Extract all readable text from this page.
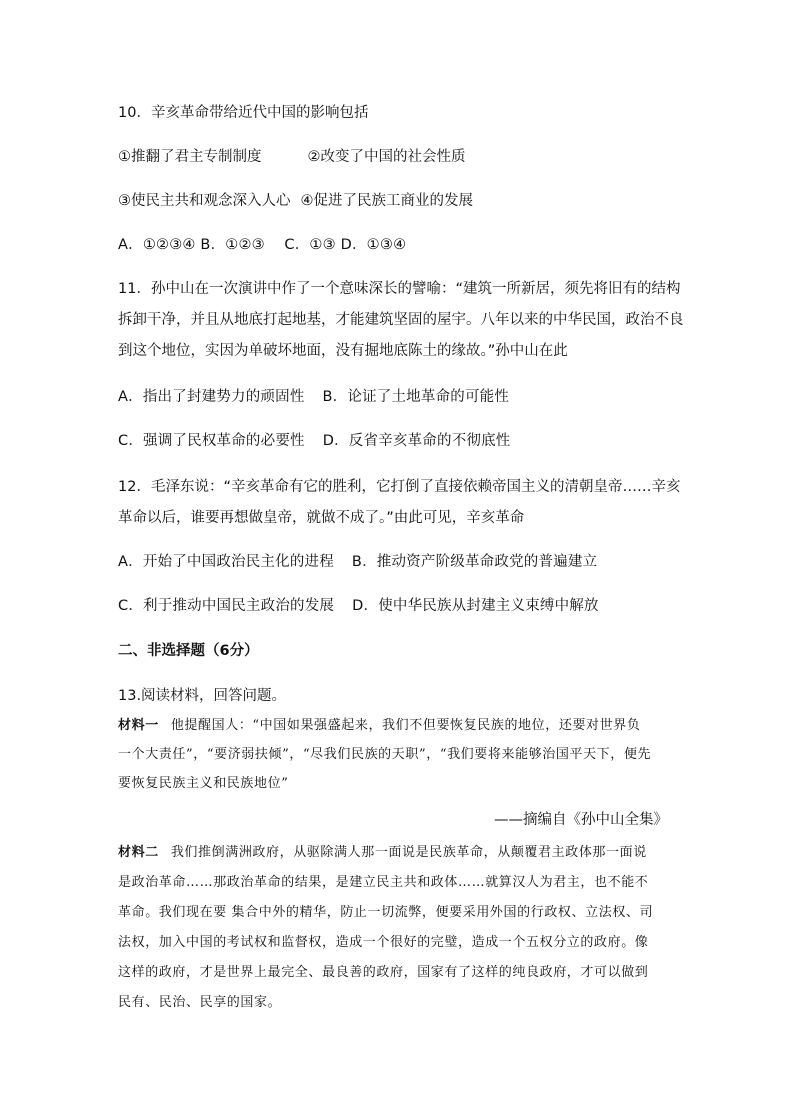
10．辛亥革命带给近代中国的影响包括
①推翻了君主专制制度	②改变了中国的社会性质
③使民主共和观念深入人心 ④促进了民族工商业的发展
A．①②③④ B．①②③　 C．①③ D．①③④
11．孙中山在一次演讲中作了一个意味深长的譬喻：“建筑一所新居，须先将旧有的结构
拆卸干净，并且从地底打起地基，才能建筑坚固的屋宇。八年以来的中华民国，政治不良
到这个地位，实因为单破坏地面，没有掘地底陈土的缘故。”孙中山在此
A．指出了封建势力的顽固性 B．论证了土地革命的可能性
C．强调了民权革命的必要性 D．反省辛亥革命的不彻底性
12．毛泽东说：“辛亥革命有它的胜利，它打倒了直接依赖帝国主义的清朝皇帝……辛亥
革命以后，谁要再想做皇帝，就做不成了。”由此可见，辛亥革命
A．开始了中国政治民主化的进程 B．推动资产阶级革命政党的普遍建立
C．利于推动中国民主政治的发展 D．使中华民族从封建主义束缚中解放
二、非选择题（6分）
13.阅读材料，回答问题。
材料一 他提醒国人：“中国如果强盛起来，我们不但要恢复民族的地位，还要对世界负
一个大责任”，“要济弱扶倾”，“尽我们民族的天职”，“我们要将来能够治国平天下，便先
要恢复民族主义和民族地位”
——摘编自《孙中山全集》
材料二 我们推倒满洲政府，从驱除满人那一面说是民族革命，从颠覆君主政体那一面说
是政治革命……那政治革命的结果，是建立民主共和政体……就算汉人为君主，也不能不
革命。我们现在要 集合中外的精华，防止一切流弊，便要采用外国的行政权、立法权、司
法权，加入中国的考试权和监督权，造成一个很好的完璧，造成一个五权分立的政府。像
这样的政府，才是世界上最完全、最良善的政府，国家有了这样的纯良政府，才可以做到
民有、民治、民享的国家。
